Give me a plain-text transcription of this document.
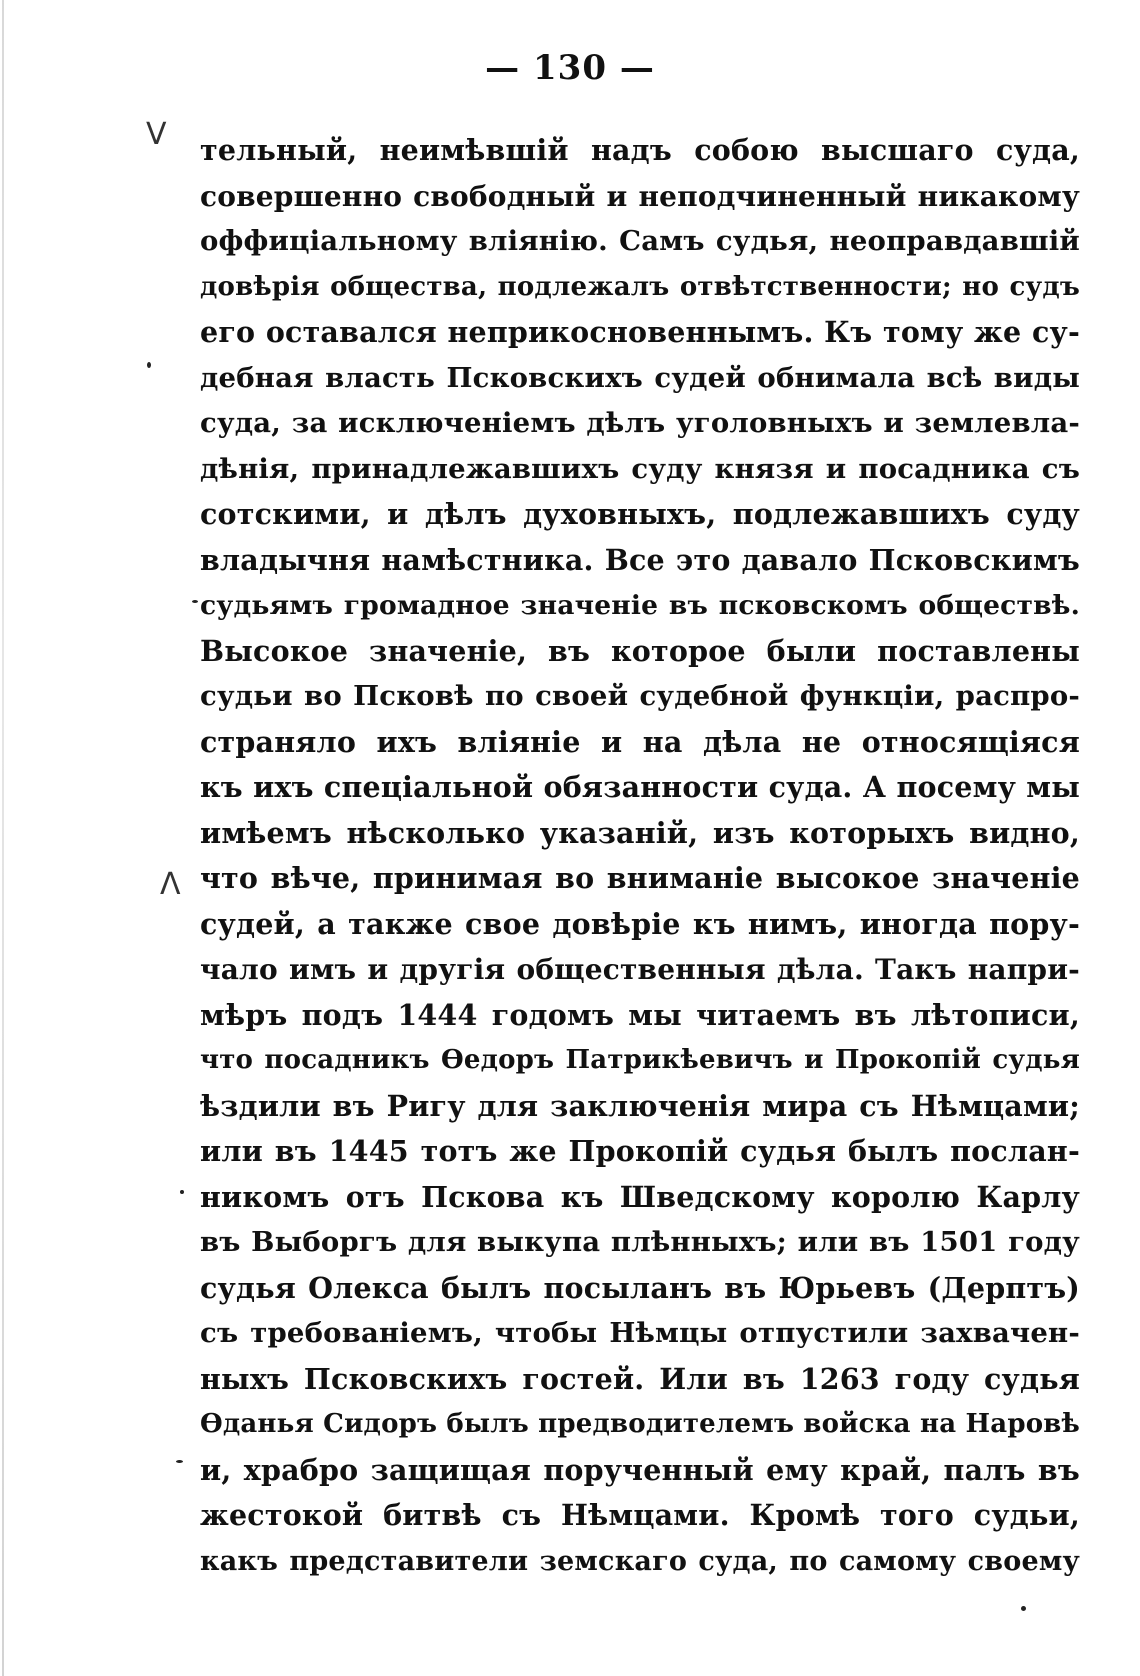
— 130 —
V
Λ
тельный, неимѣвшій надъ собою высшаго суда,
совершенно свободный и неподчиненный никакому
оффиціальному вліянію. Самъ судья, неоправдавшій
довѣрія общества, подлежалъ отвѣтственности; но судъ
его оставался неприкосновеннымъ. Къ тому же су-
дебная власть Псковскихъ судей обнимала всѣ виды
суда, за исключеніемъ дѣлъ уголовныхъ и землевла-
дѣнія, принадлежавшихъ суду князя и посадника съ
сотскими, и дѣлъ духовныхъ, подлежавшихъ суду
владычня намѣстника. Все это давало Псковскимъ
судьямъ громадное значеніе въ псковскомъ обществѣ.
Высокое значеніе, въ которое были поставлены
судьи во Псковѣ по своей судебной функціи, распро-
страняло ихъ вліяніе и на дѣла не относящіяся
къ ихъ спеціальной обязанности суда. А посему мы
имѣемъ нѣсколько указаній, изъ которыхъ видно,
что вѣче, принимая во вниманіе высокое значеніе
судей, а также свое довѣріе къ нимъ, иногда пору-
чало имъ и другія общественныя дѣла. Такъ напри-
мѣръ подъ 1444 годомъ мы читаемъ въ лѣтописи,
что посадникъ Ѳедоръ Патрикѣевичъ и Прокопій судья
ѣздили въ Ригу для заключенія мира съ Нѣмцами;
или въ 1445 тотъ же Прокопій судья былъ послан-
никомъ отъ Пскова къ Шведскому королю Карлу
въ Выборгъ для выкупа плѣнныхъ; или въ 1501 году
судья Олекса былъ посыланъ въ Юрьевъ (Дерптъ)
съ требованіемъ, чтобы Нѣмцы отпустили захвачен-
ныхъ Псковскихъ гостей. Или въ 1263 году судья
Ѳданья Сидоръ былъ предводителемъ войска на Наровѣ
и, храбро защищая порученный ему край, палъ въ
жестокой битвѣ съ Нѣмцами. Кромѣ того судьи,
какъ представители земскаго суда, по самому своему
